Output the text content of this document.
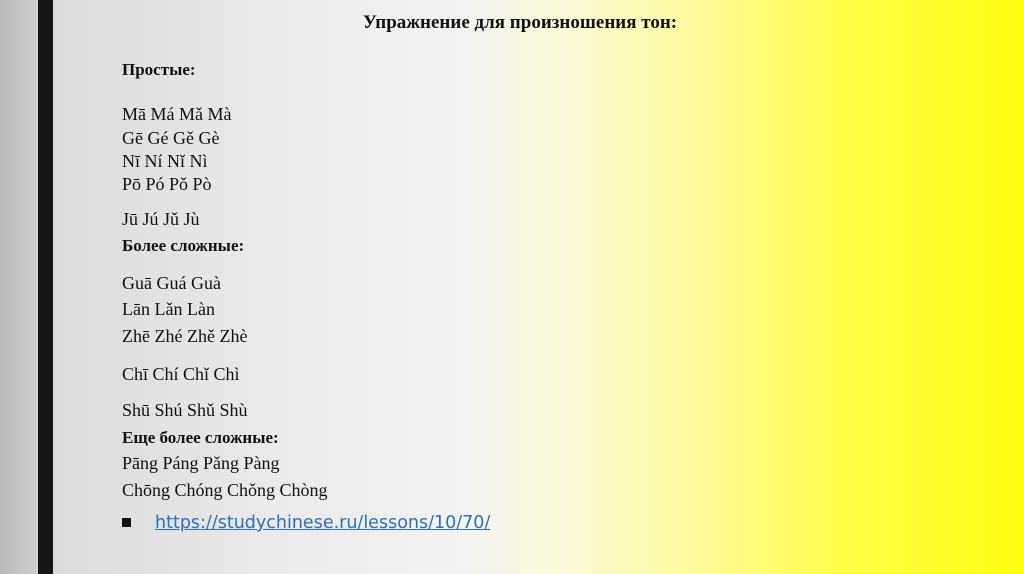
Упражнение для произношения тон:
Простые:
Mā Má Mǎ Mà
Gē Gé Gě Gè
Nī Ní Nǐ Nì
Pō Pó Pǒ Pò
Jū Jú Jǔ Jù
Более сложные:
Guā Guá Guà
Lān Lǎn Làn
Zhē Zhé Zhě Zhè
Chī Chí Chǐ Chì
Shū Shú Shǔ Shù
Еще более сложные:
Pāng Páng Pǎng Pàng
Chōng Chóng Chǒng Chòng
https://studychinese.ru/lessons/10/70/
